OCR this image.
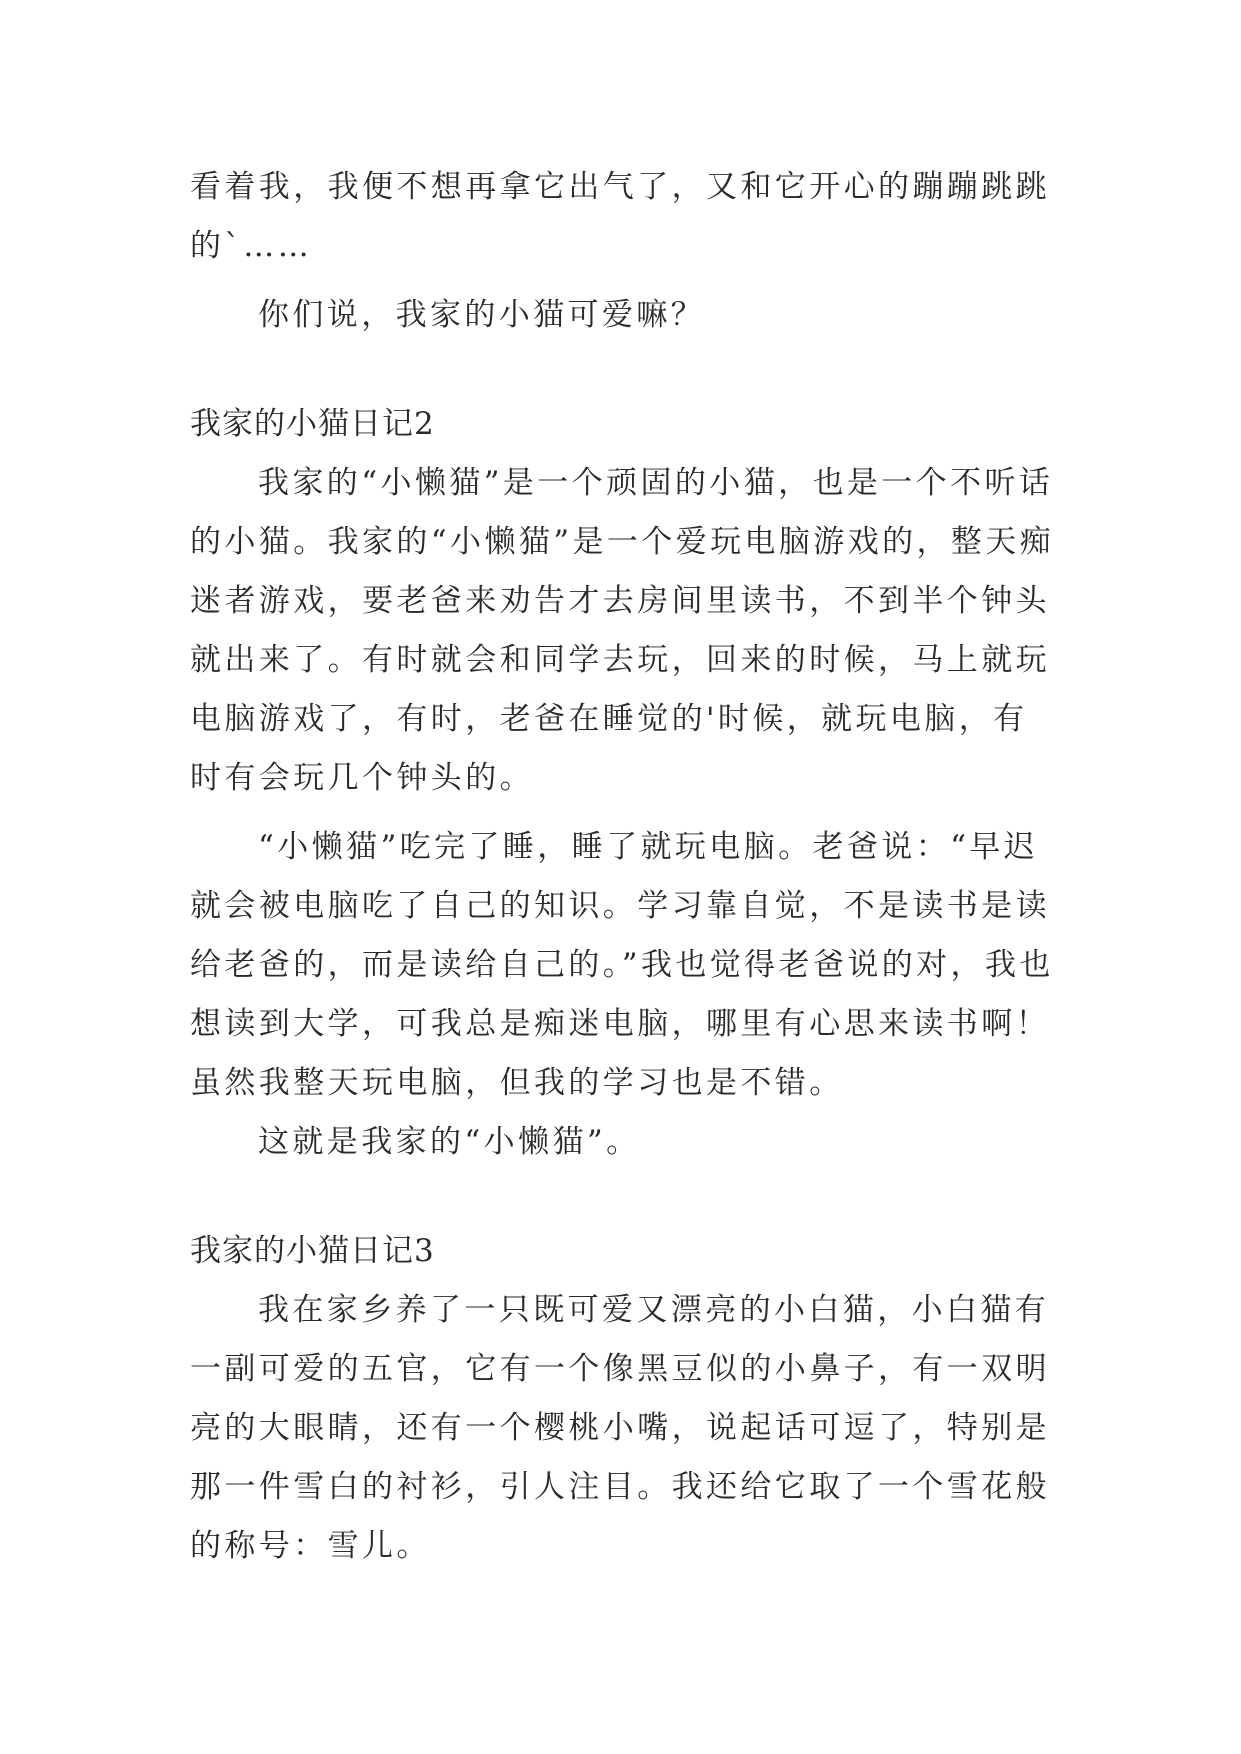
看着我，我便不想再拿它出气了，又和它开心的蹦蹦跳跳的`……

你们说，我家的小猫可爱嘛？

我家的小猫日记2

我家的“小懒猫”是一个顽固的小猫，也是一个不听话的小猫。我家的“小懒猫”是一个爱玩电脑游戏的，整天痴迷者游戏，要老爸来劝告才去房间里读书，不到半个钟头就出来了。有时就会和同学去玩，回来的时候，马上就玩电脑游戏了，有时，老爸在睡觉的'时候，就玩电脑，有时有会玩几个钟头的。

“小懒猫”吃完了睡，睡了就玩电脑。老爸说：“早迟就会被电脑吃了自己的知识。学习靠自觉，不是读书是读给老爸的，而是读给自己的。”我也觉得老爸说的对，我也想读到大学，可我总是痴迷电脑，哪里有心思来读书啊！虽然我整天玩电脑，但我的学习也是不错。

这就是我家的“小懒猫”。

我家的小猫日记3

我在家乡养了一只既可爱又漂亮的小白猫，小白猫有一副可爱的五官，它有一个像黑豆似的小鼻子，有一双明亮的大眼睛，还有一个樱桃小嘴，说起话可逗了，特别是那一件雪白的衬衫，引人注目。我还给它取了一个雪花般的称号：雪儿。
